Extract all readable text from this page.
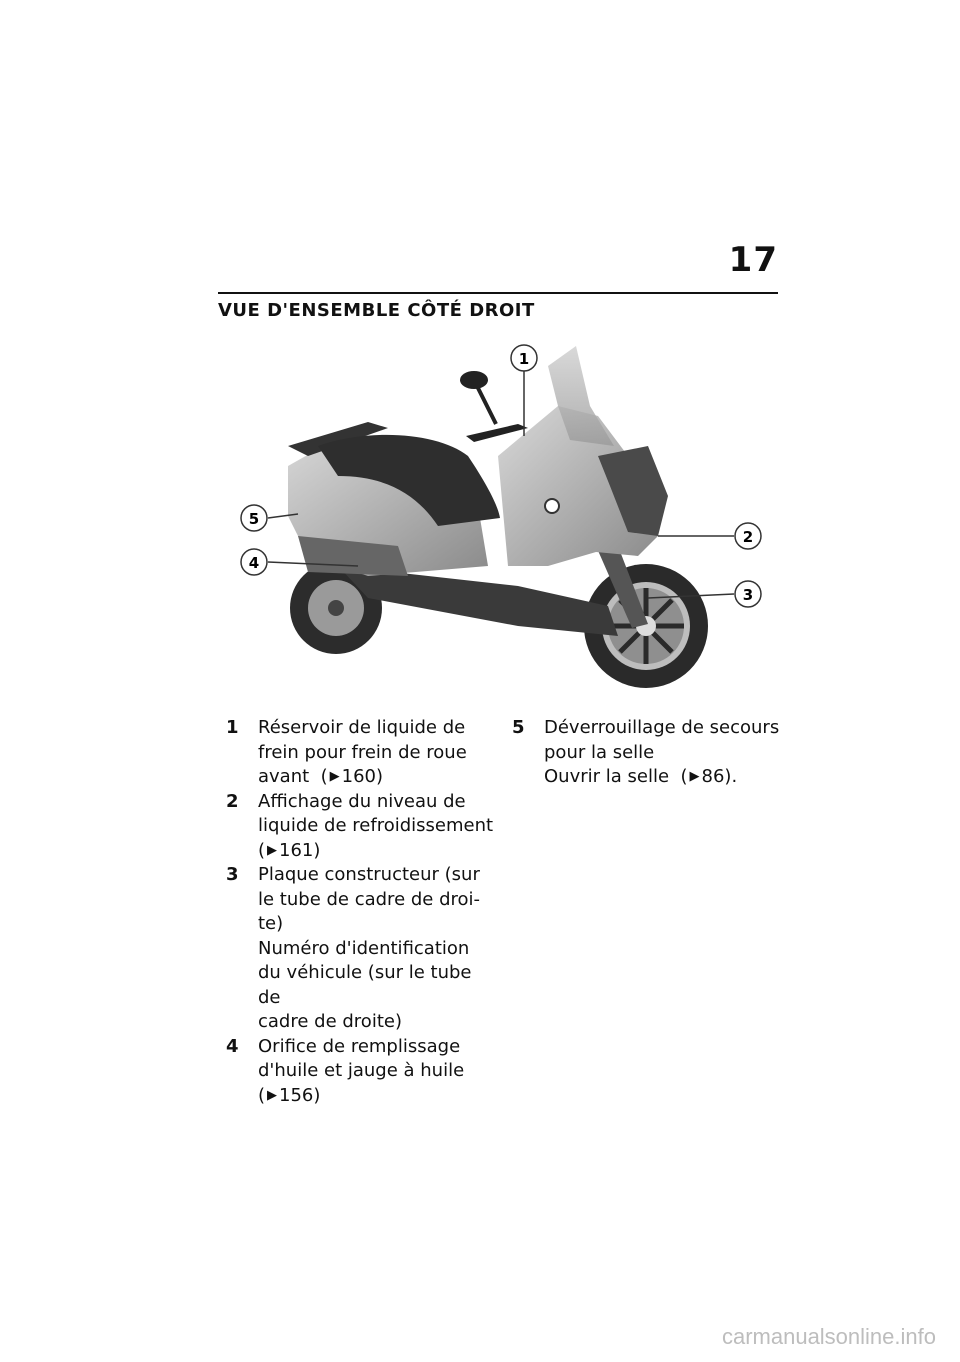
17
VUE D'ENSEMBLE CÔTÉ DROIT
1
2
3
4
5
1	Réservoir de liquide de
frein pour frein de roue
avant  ( ▶ 160)
2	Affichage du niveau de
liquide de refroidissement
( ▶ 161)
3	Plaque constructeur (sur
le tube de cadre de droi-
te)
Numéro d'identification
du véhicule (sur le tube de
cadre de droite)
4	Orifice de remplissage
d'huile et jauge à huile
( ▶ 156)
5	Déverrouillage de secours
pour la selle
Ouvrir la selle  ( ▶ 86).
carmanualsonline.info
